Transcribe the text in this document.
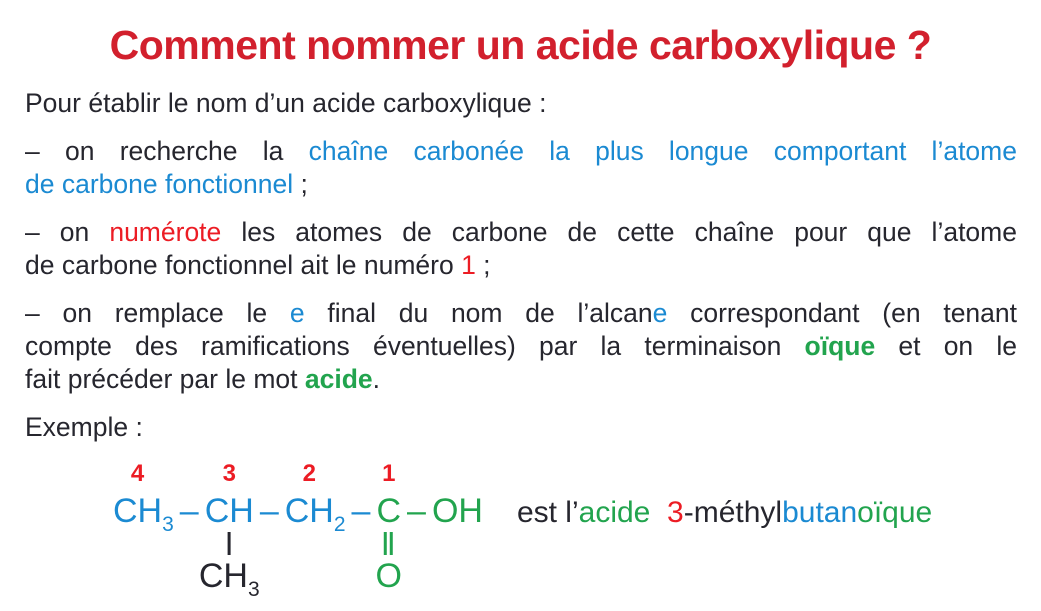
Comment nommer un acide carboxylique ?
Pour établir le nom d’un acide carboxylique :
– on recherche la chaîne carbonée la plus longue comportant l’atome
de carbone fonctionnel ;
– on numérote les atomes de carbone de cette chaîne pour que l’atome
de carbone fonctionnel ait le numéro 1 ;
– on remplace le e final du nom de l’alcane correspondant (en tenant
compte des ramifications éventuelles) par la terminaison oïque et on le
fait précéder par le mot acide.
Exemple :
CH
4
$_3$ – CH
3
$CH_3$
– CH
2
$_2$ – C
1
O
– OH est l’acide 3-méthylbutanoïque
